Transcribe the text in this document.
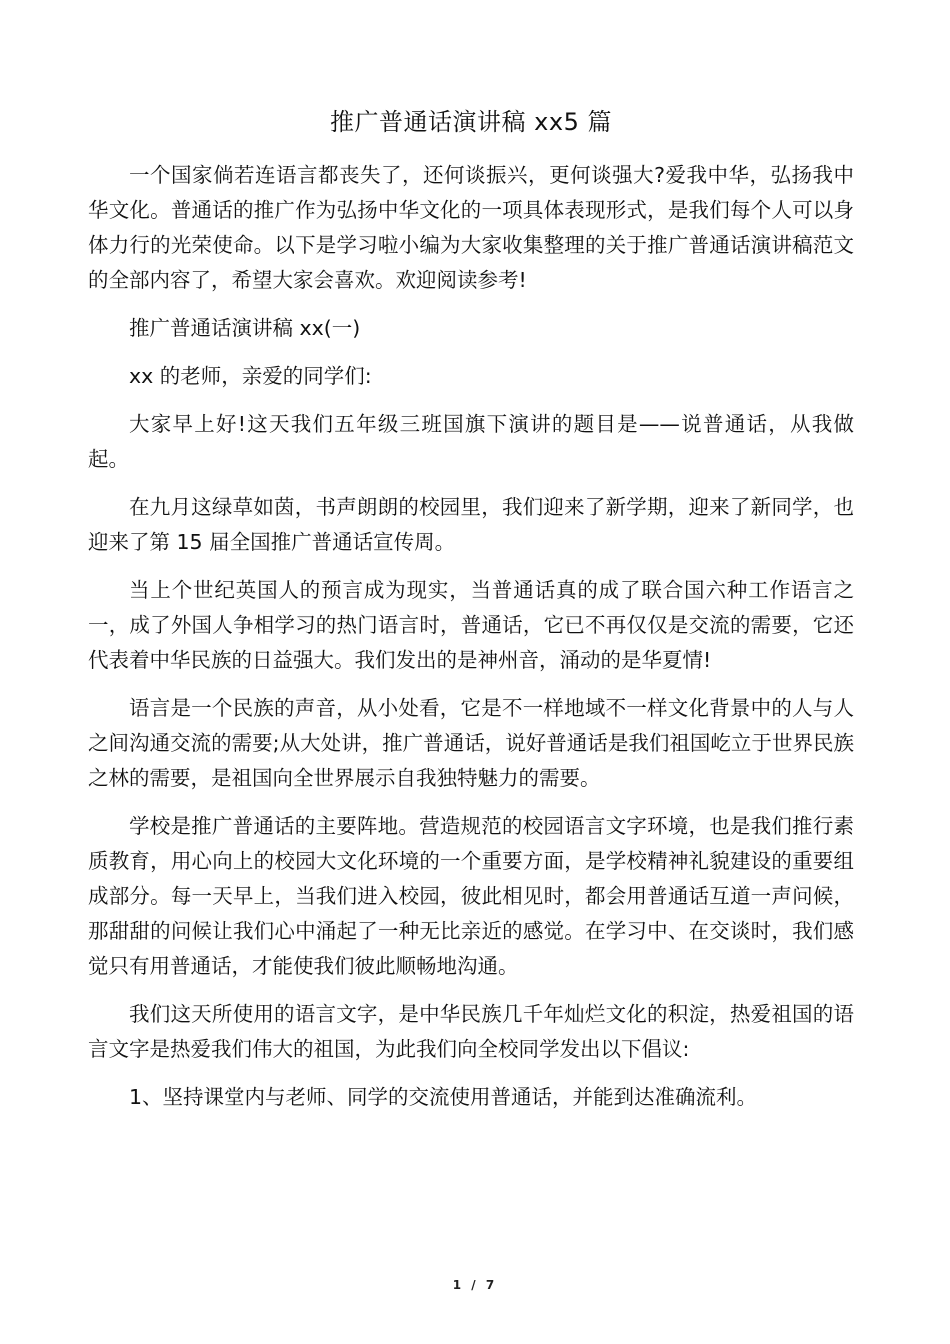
推广普通话演讲稿 xx5 篇

一个国家倘若连语言都丧失了，还何谈振兴，更何谈强大?爱我中华，弘扬我中华文化。普通话的推广作为弘扬中华文化的一项具体表现形式，是我们每个人可以身体力行的光荣使命。以下是学习啦小编为大家收集整理的关于推广普通话演讲稿范文的全部内容了，希望大家会喜欢。欢迎阅读参考!

推广普通话演讲稿 xx(一)

xx 的老师，亲爱的同学们:

大家早上好!这天我们五年级三班国旗下演讲的题目是——说普通话，从我做起。

在九月这绿草如茵，书声朗朗的校园里，我们迎来了新学期，迎来了新同学，也迎来了第 15 届全国推广普通话宣传周。

当上个世纪英国人的预言成为现实，当普通话真的成了联合国六种工作语言之一，成了外国人争相学习的热门语言时，普通话，它已不再仅仅是交流的需要，它还代表着中华民族的日益强大。我们发出的是神州音，涌动的是华夏情!

语言是一个民族的声音，从小处看，它是不一样地域不一样文化背景中的人与人之间沟通交流的需要;从大处讲，推广普通话，说好普通话是我们祖国屹立于世界民族之林的需要，是祖国向全世界展示自我独特魅力的需要。

学校是推广普通话的主要阵地。营造规范的校园语言文字环境，也是我们推行素质教育，用心向上的校园大文化环境的一个重要方面，是学校精神礼貌建设的重要组成部分。每一天早上，当我们进入校园，彼此相见时，都会用普通话互道一声问候，那甜甜的问候让我们心中涌起了一种无比亲近的感觉。在学习中、在交谈时，我们感觉只有用普通话，才能使我们彼此顺畅地沟通。

我们这天所使用的语言文字，是中华民族几千年灿烂文化的积淀，热爱祖国的语言文字是热爱我们伟大的祖国，为此我们向全校同学发出以下倡议:

1、坚持课堂内与老师、同学的交流使用普通话，并能到达准确流利。

1 / 7
